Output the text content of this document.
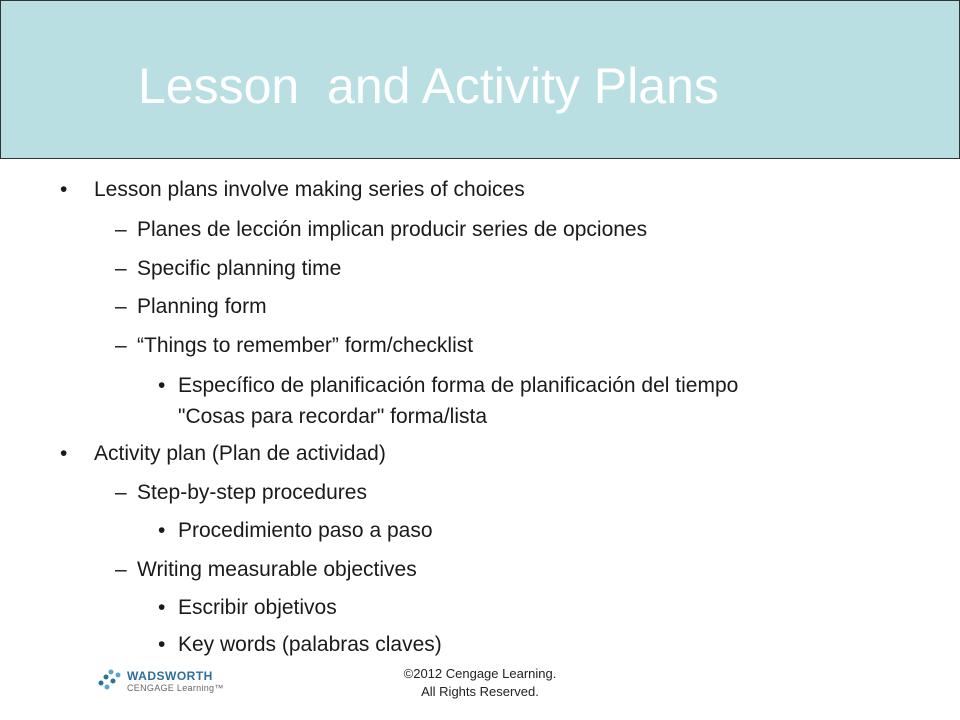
Lesson  and Activity Plans
• Lesson plans involve making series of choices
– Planes de lección implican producir series de opciones
– Specific planning time
– Planning form
– “Things to remember” form/checklist
• Específico de planificación forma de planificación del tiempo
"Cosas para recordar" forma/lista
• Activity plan (Plan de actividad)
– Step-by-step procedures
• Procedimiento paso a paso
– Writing measurable objectives
• Escribir objetivos
• Key words (palabras claves)
WADSWORTH
CENGAGE Learning™
©2012 Cengage Learning.
All Rights Reserved.
